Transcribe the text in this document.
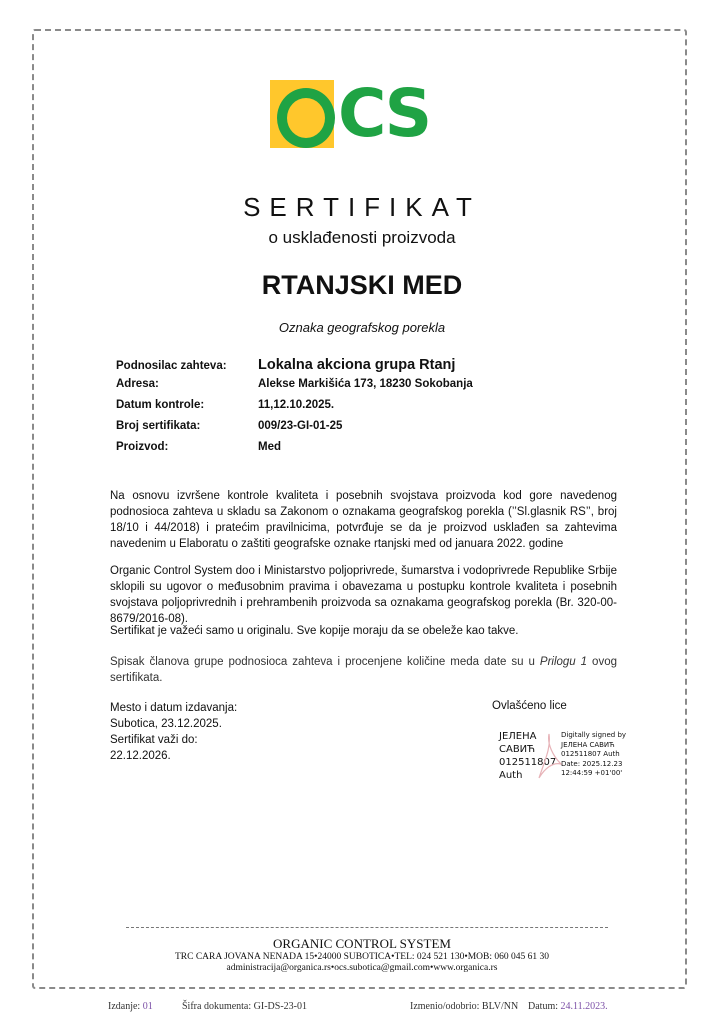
CS
SERTIFIKAT
o usklađenosti proizvoda
RTANJSKI MED
Oznaka geografskog porekla
Podnosilac zahteva:	Lokalna akciona grupa Rtanj
Adresa:	Alekse Markišića 173, 18230 Sokobanja
Datum kontrole:	11,12.10.2025.
Broj sertifikata:	009/23-GI-01-25
Proizvod:	Med
Na osnovu izvršene kontrole kvaliteta i posebnih svojstava proizvoda kod gore navedenog podnosioca zahteva u skladu sa Zakonom o oznakama geografskog porekla (’’Sl.glasnik RS’’, broj 18/10 i 44/2018) i pratećim pravilnicima, potvrđuje se da je proizvod usklađen sa zahtevima navedenim u Elaboratu o zaštiti geografske oznake rtanjski med od januara 2022. godine
Organic Control System doo i Ministarstvo poljoprivrede, šumarstva i vodoprivrede Republike Srbije sklopili su ugovor o međusobnim pravima i obavezama u postupku kontrole kvaliteta i posebnih svojstava poljoprivrednih i prehrambenih proizvoda sa oznakama geografskog porekla (Br. 320-00-8679/2016-08).
Sertifikat je važeći samo u originalu. Sve kopije moraju da se obeleže kao takve.
Spisak članova grupe podnosioca zahteva i procenjene količine meda date su u Prilogu 1 ovog sertifikata.
Mesto i datum izdavanja:
Subotica, 23.12.2025.
Sertifikat važi do:
22.12.2026.
Ovlašćeno lice
ЈЕЛЕНА
САВИЋ
012511807
Auth
Digitally signed by
ЈЕЛЕНА САВИЋ
012511807 Auth
Date: 2025.12.23
12:44:59 +01'00'
ORGANIC CONTROL SYSTEM
TRC CARA JOVANA NENADA 15•24000 SUBOTICA•TEL: 024 521 130•MOB: 060 045 61 30
administracija@organica.rs•ocs.subotica@gmail.com•www.organica.rs
Izdanje: 01	Šifra dokumenta: GI-DS-23-01	Izmenio/odobrio: BLV/NN Datum: 24.11.2023.
